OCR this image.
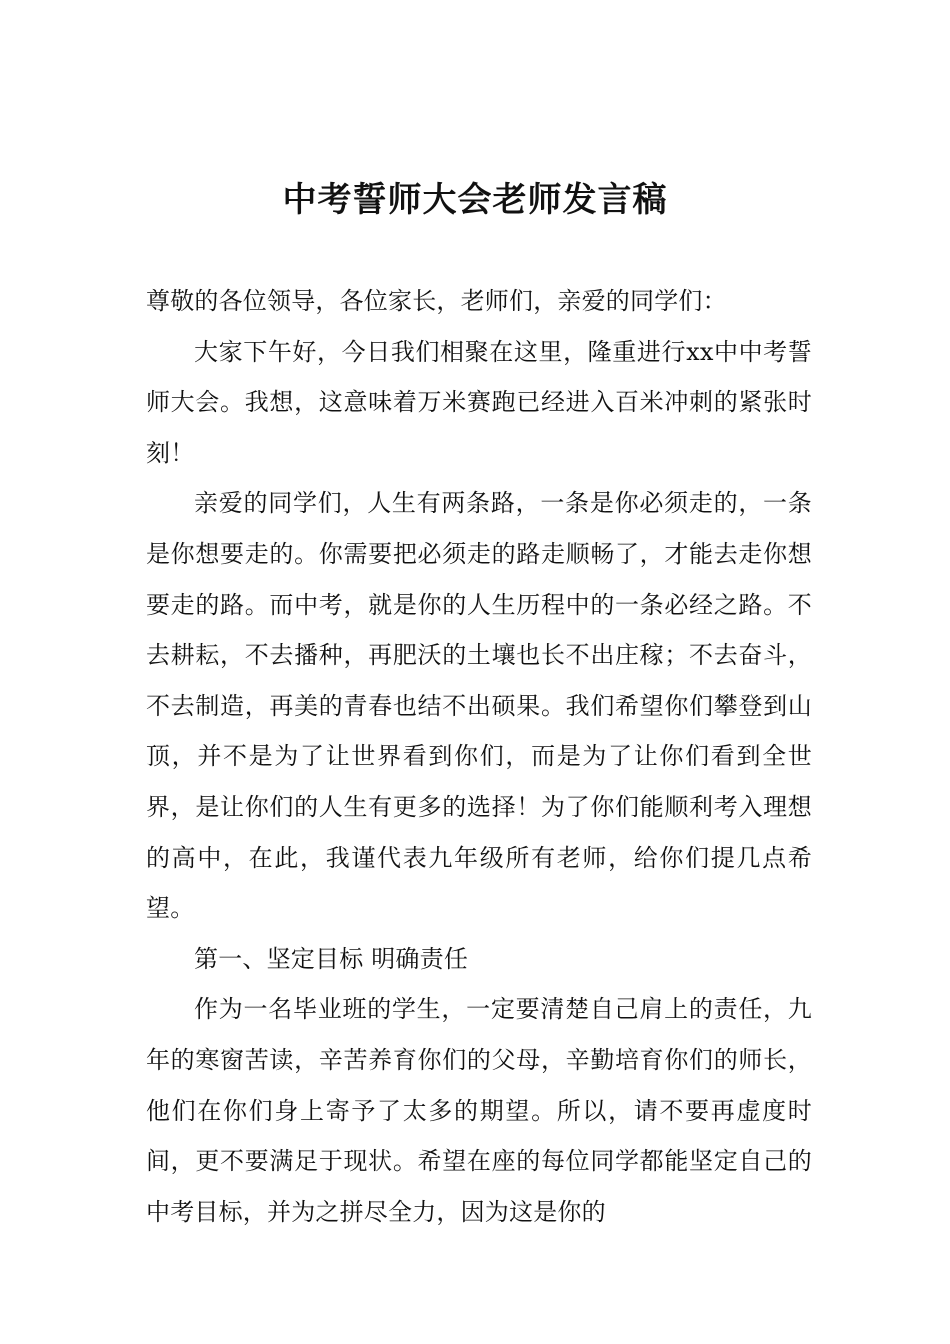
中考誓师大会老师发言稿

尊敬的各位领导，各位家长，老师们，亲爱的同学们：

大家下午好，今日我们相聚在这里，隆重进行xx中中考誓师大会。我想，这意味着万米赛跑已经进入百米冲刺的紧张时刻！

亲爱的同学们，人生有两条路，一条是你必须走的，一条是你想要走的。你需要把必须走的路走顺畅了，才能去走你想要走的路。而中考，就是你的人生历程中的一条必经之路。不去耕耘，不去播种，再肥沃的土壤也长不出庄稼；不去奋斗，不去制造，再美的青春也结不出硕果。我们希望你们攀登到山顶，并不是为了让世界看到你们，而是为了让你们看到全世界，是让你们的人生有更多的选择！为了你们能顺利考入理想的高中，在此，我谨代表九年级所有老师，给你们提几点希望。

第一、坚定目标 明确责任

作为一名毕业班的学生，一定要清楚自己肩上的责任，九年的寒窗苦读，辛苦养育你们的父母，辛勤培育你们的师长，他们在你们身上寄予了太多的期望。所以，请不要再虚度时间，更不要满足于现状。希望在座的每位同学都能坚定自己的中考目标，并为之拼尽全力，因为这是你的
